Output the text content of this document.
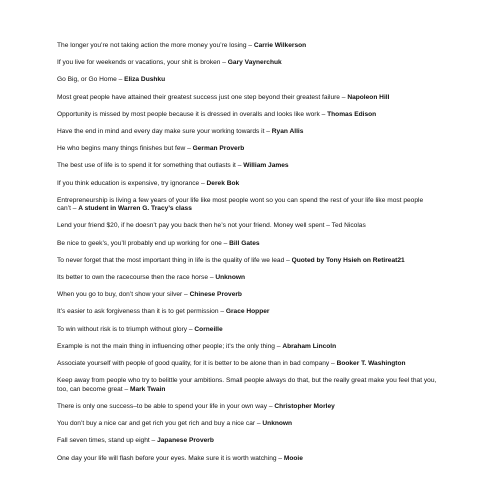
The longer you’re not taking action the more money you’re losing – Carrie Wilkerson
If you live for weekends or vacations, your shit is broken – Gary Vaynerchuk
Go Big, or Go Home – Eliza Dushku
Most great people have attained their greatest success just one step beyond their greatest failure – Napoleon Hill
Opportunity is missed by most people because it is dressed in overalls and looks like work – Thomas Edison
Have the end in mind and every day make sure your working towards it – Ryan Allis
He who begins many things finishes but few – German Proverb
The best use of life is to spend it for something that outlasts it – William James
If you think education is expensive, try ignorance – Derek Bok
Entrepreneurship is living a few years of your life like most people wont so you can spend the rest of your life like most people can’t – A student in Warren G. Tracy’s class
Lend your friend $20, if he doesn’t pay you back then he’s not your friend. Money well spent – Ted Nicolas
Be nice to geek’s, you’ll probably end up working for one – Bill Gates
To never forget that the most important thing in life is the quality of life we lead – Quoted by Tony Hsieh on Retireat21
Its better to own the racecourse then the race horse – Unknown
When you go to buy, don’t show your silver – Chinese Proverb
It’s easier to ask forgiveness than it is to get permission – Grace Hopper
To win without risk is to triumph without glory – Corneille
Example is not the main thing in influencing other people; it’s the only thing – Abraham Lincoln
Associate yourself with people of good quality, for it is better to be alone than in bad company – Booker T. Washington
Keep away from people who try to belittle your ambitions. Small people always do that, but the really great make you feel that you, too, can become great – Mark Twain
There is only one success–to be able to spend your life in your own way – Christopher Morley
You don’t buy a nice car and get rich you get rich and buy a nice car – Unknown
Fall seven times, stand up eight – Japanese Proverb
One day your life will flash before your eyes. Make sure it is worth watching – Mooie
